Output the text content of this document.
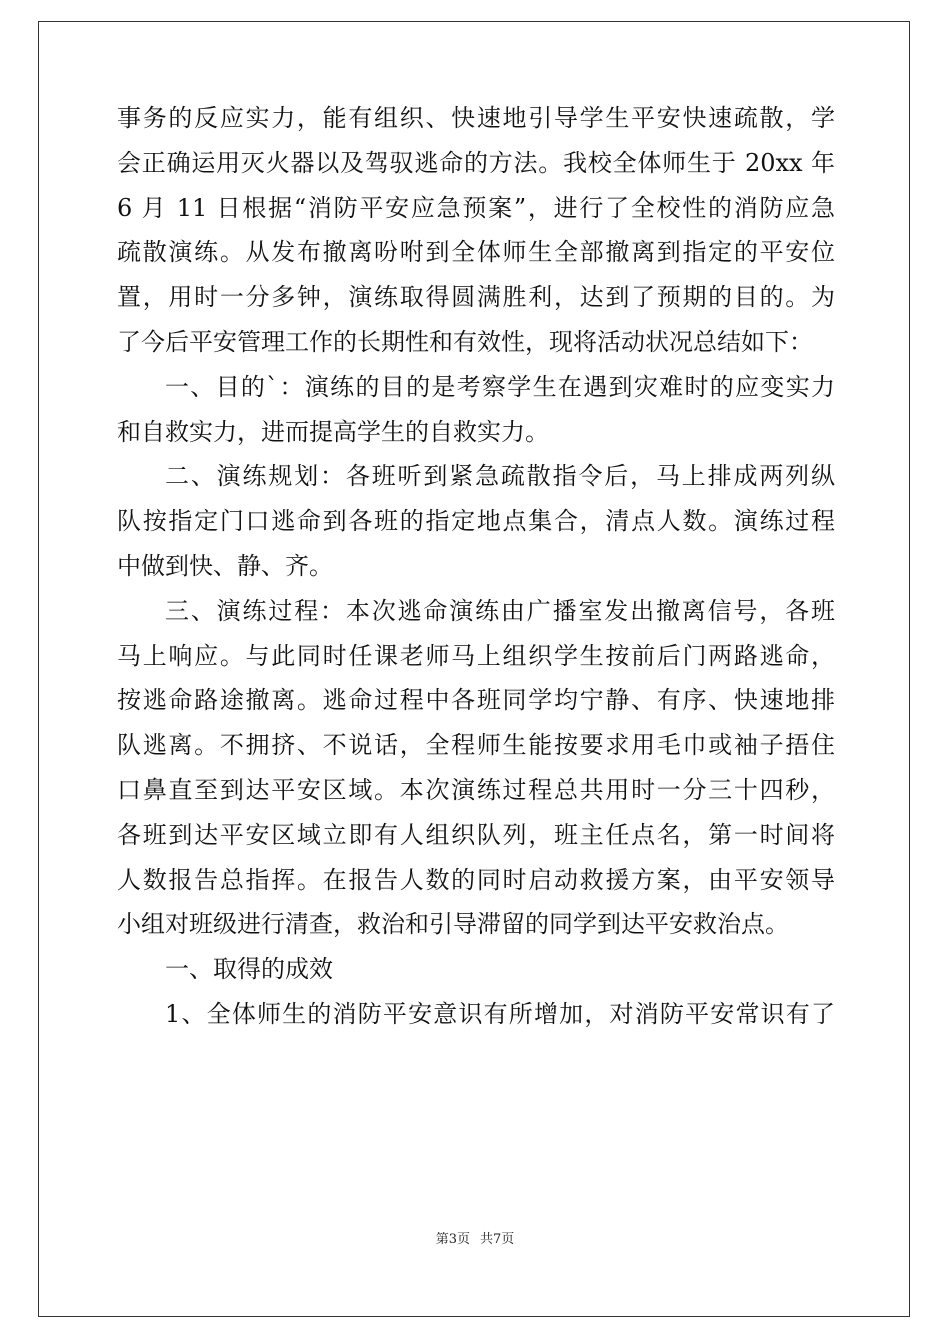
事务的反应实力，能有组织、快速地引导学生平安快速疏散，学
会正确运用灭火器以及驾驭逃命的方法。我校全体师生于 20xx 年
6 月 11 日根据“消防平安应急预案”，进行了全校性的消防应急
疏散演练。从发布撤离吩咐到全体师生全部撤离到指定的平安位
置，用时一分多钟，演练取得圆满胜利，达到了预期的目的。为
了今后平安管理工作的长期性和有效性，现将活动状况总结如下：
一、目的`：演练的目的是考察学生在遇到灾难时的应变实力
和自救实力，进而提高学生的自救实力。
二、演练规划：各班听到紧急疏散指令后，马上排成两列纵
队按指定门口逃命到各班的指定地点集合，清点人数。演练过程
中做到快、静、齐。
三、演练过程：本次逃命演练由广播室发出撤离信号，各班
马上响应。与此同时任课老师马上组织学生按前后门两路逃命，
按逃命路途撤离。逃命过程中各班同学均宁静、有序、快速地排
队逃离。不拥挤、不说话，全程师生能按要求用毛巾或袖子捂住
口鼻直至到达平安区域。本次演练过程总共用时一分三十四秒，
各班到达平安区域立即有人组织队列，班主任点名，第一时间将
人数报告总指挥。在报告人数的同时启动救援方案，由平安领导
小组对班级进行清查，救治和引导滞留的同学到达平安救治点。
一、取得的成效
1、全体师生的消防平安意识有所增加，对消防平安常识有了
第3页 共7页
